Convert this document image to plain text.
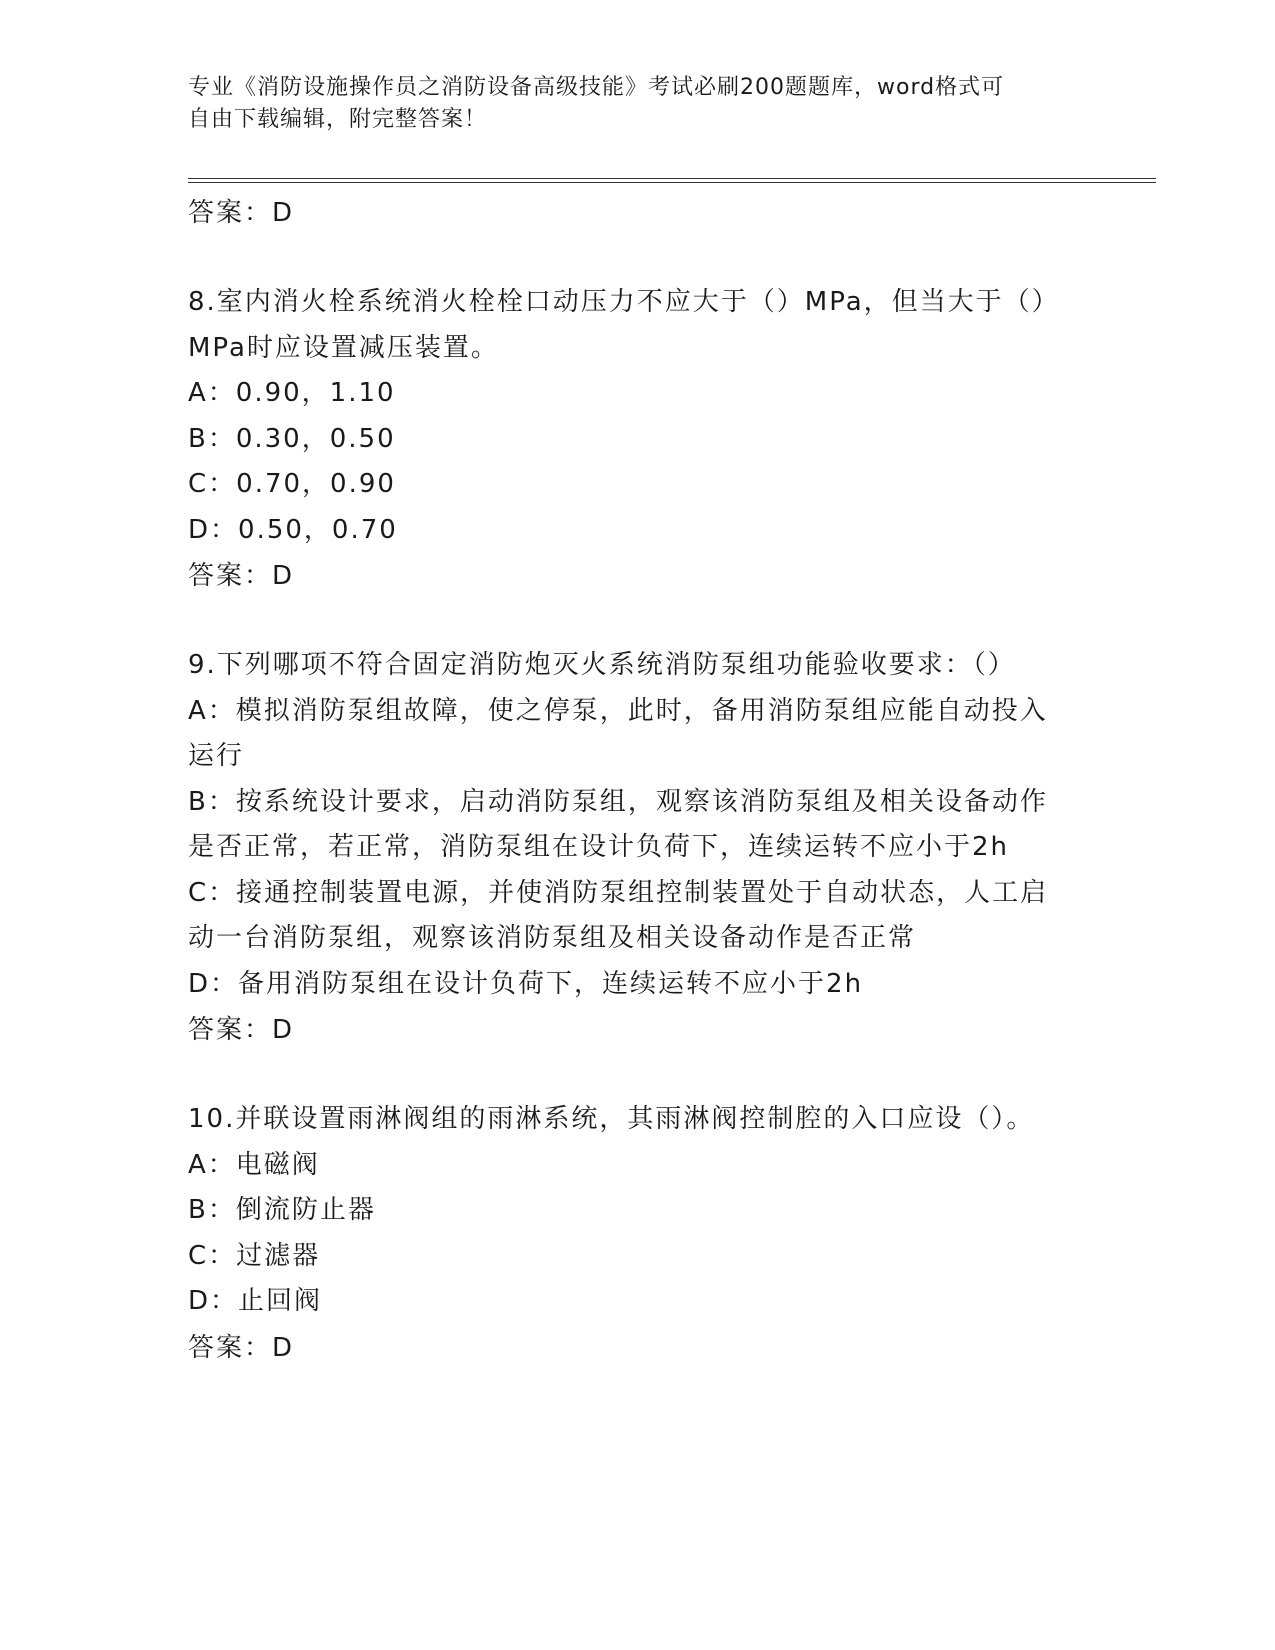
专业《消防设施操作员之消防设备高级技能》考试必刷200题题库，word格式可
自由下载编辑，附完整答案！

答案：D

8.室内消火栓系统消火栓栓口动压力不应大于（）MPa，但当大于（）
MPa时应设置减压装置。
A：0.90，1.10
B：0.30，0.50
C：0.70，0.90
D：0.50，0.70

答案：D

9.下列哪项不符合固定消防炮灭火系统消防泵组功能验收要求：（）
A：模拟消防泵组故障，使之停泵，此时，备用消防泵组应能自动投入
运行
B：按系统设计要求，启动消防泵组，观察该消防泵组及相关设备动作
是否正常，若正常，消防泵组在设计负荷下，连续运转不应小于2h
C：接通控制装置电源，并使消防泵组控制装置处于自动状态，人工启
动一台消防泵组，观察该消防泵组及相关设备动作是否正常
D：备用消防泵组在设计负荷下，连续运转不应小于2h

答案：D

10.并联设置雨淋阀组的雨淋系统，其雨淋阀控制腔的入口应设（）。
A：电磁阀
B：倒流防止器
C：过滤器
D：止回阀

答案：D
